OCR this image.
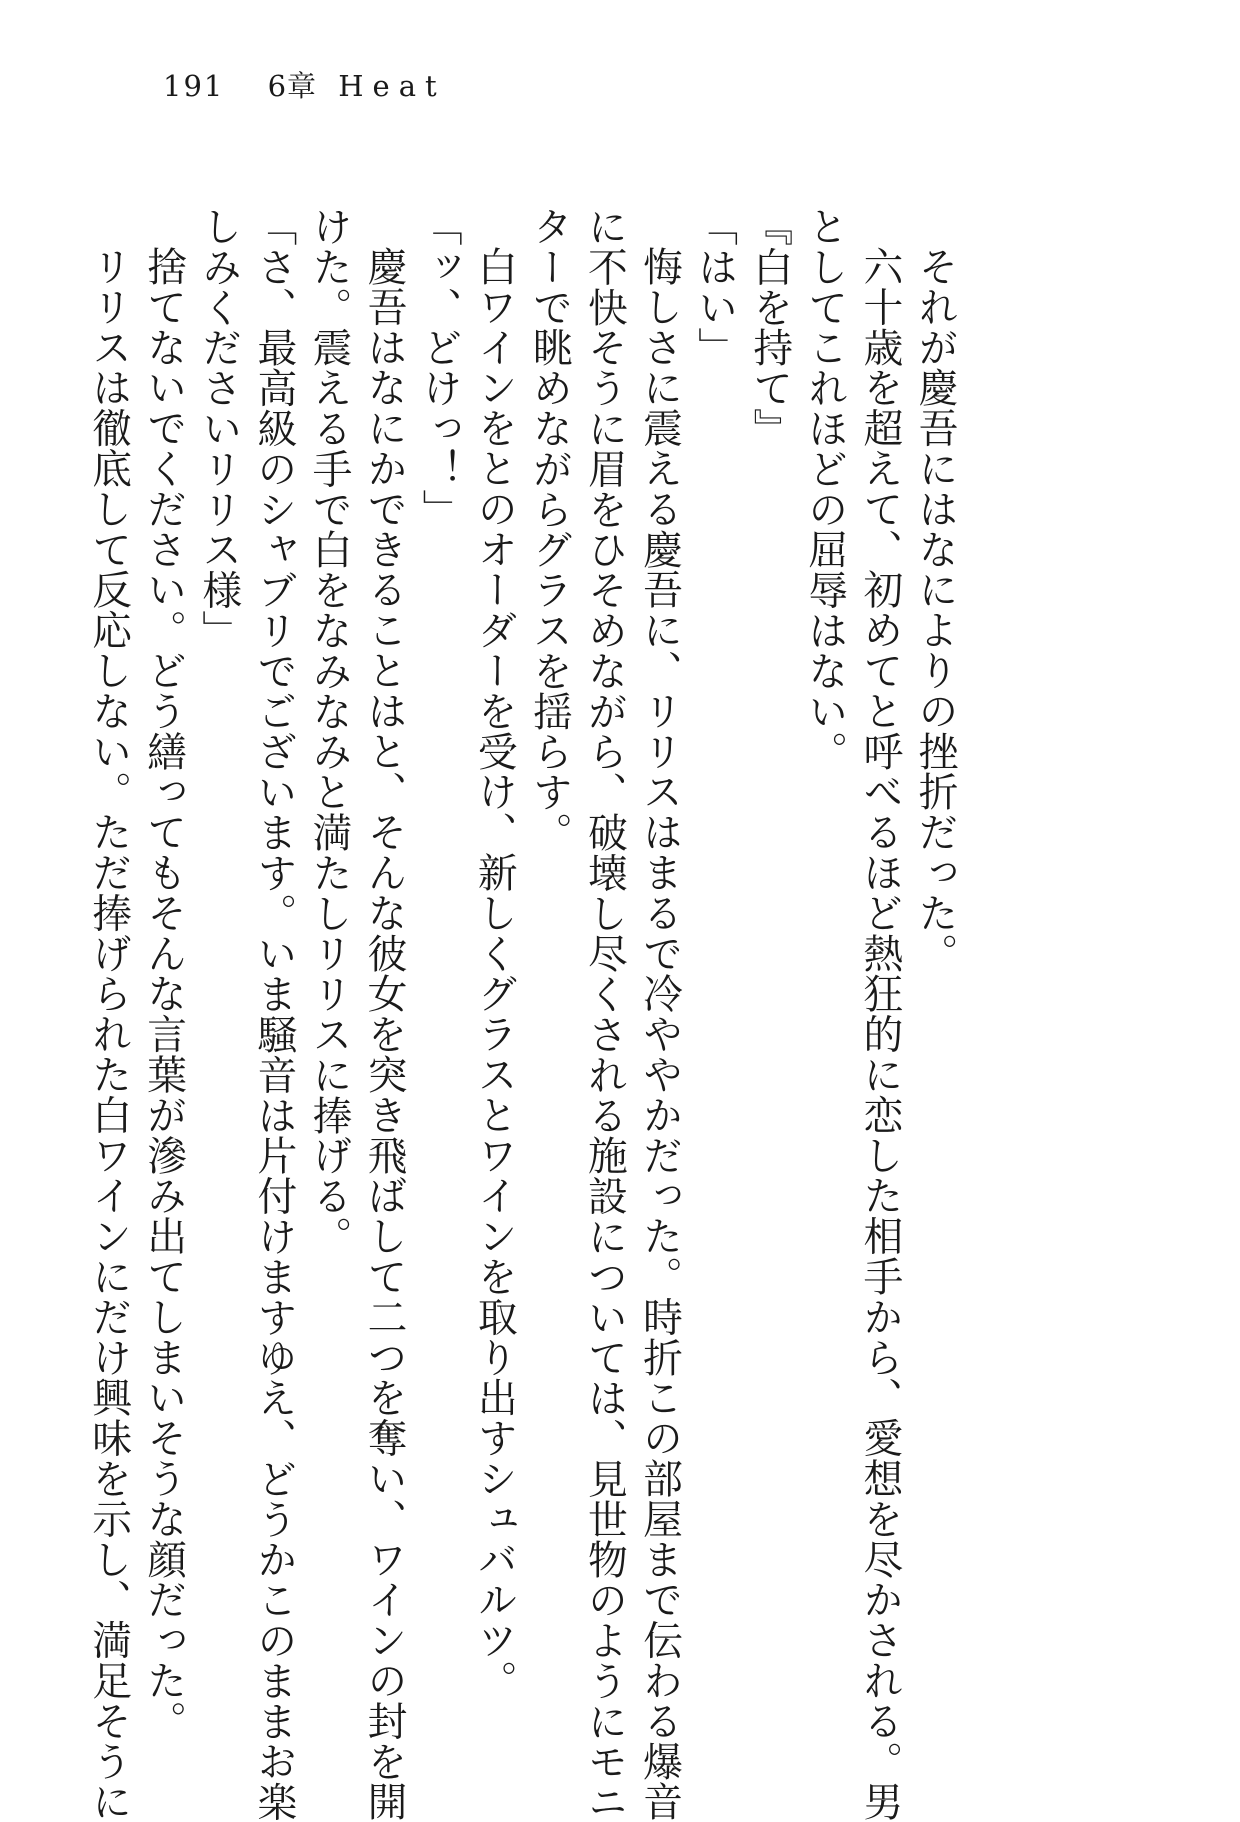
191 6章 Heat

それが慶吾にはなによりの挫折だった。

六十歳を超えて、初めてと呼べるほど熱狂的に恋した相手から、愛想を尽かされる。男

としてこれほどの屈辱はない。

『白を持て』

「はい」

悔しさに震える慶吾に、リリスはまるで冷ややかだった。時折この部屋まで伝わる爆音

に不快そうに眉をひそめながら、破壊し尽くされる施設については、見世物のようにモニ

ターで眺めながらグラスを揺らす。

白ワインをとのオーダーを受け、新しくグラスとワインを取り出すシュバルツ。

「ッ、どけっ！」

慶吾はなにかできることはと、そんな彼女を突き飛ばして二つを奪い、ワインの封を開

けた。震える手で白をなみなみと満たしリリスに捧げる。

「さ、最高級のシャブリでございます。いま騒音は片付けますゆえ、どうかこのままお楽

しみくださいリリス様」

捨てないでください。どう繕ってもそんな言葉が滲み出てしまいそうな顔だった。

リリスは徹底して反応しない。ただ捧げられた白ワインにだけ興味を示し、満足そうに
